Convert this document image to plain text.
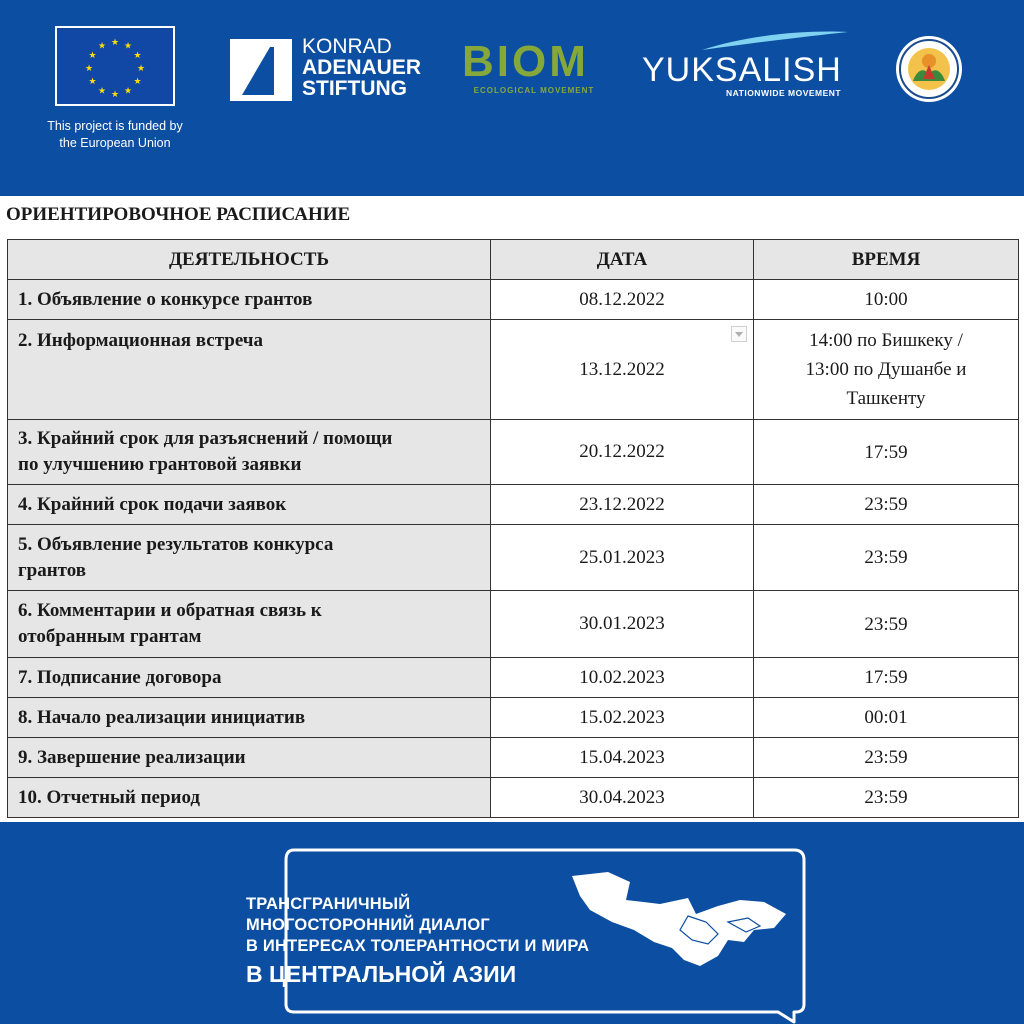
★ ★
★
★
★
★
★
★
★
★
★
★
This project is funded by
the European Union
KONRAD
ADENAUER
STIFTUNG
BIOM
ECOLOGICAL MOVEMENT
YUKSALISH
NATIONWIDE MOVEMENT
ОРИЕНТИРОВОЧНОЕ РАСПИСАНИЕ
ДЕЯТЕЛЬНОСТЬ	ДАТА	ВРЕМЯ
1. Объявление о конкурсе грантов	08.12.2022	10:00
2. Информационная встреча	13.12.2022	14:00 по Бишкеку /
13:00 по Душанбе и
Ташкенту

3. Крайний срок для разъяснений / помощи
по улучшению грантовой заявки	20.12.2022	17:59
4. Крайний срок подачи заявок	23.12.2022	23:59

5. Объявление результатов конкурса
грантов	25.01.2023	23:59

6. Комментарии и обратная связь к
отобранным грантам	30.01.2023	23:59
7. Подписание договора	10.02.2023	17:59
8. Начало реализации инициатив	15.02.2023	00:01
9. Завершение реализации	15.04.2023	23:59
10. Отчетный период	30.04.2023	23:59
ТРАНСГРАНИЧНЫЙ
МНОГОСТОРОННИЙ ДИАЛОГ
В ИНТЕРЕСАХ ТОЛЕРАНТНОСТИ И МИРА
В ЦЕНТРАЛЬНОЙ АЗИИ
